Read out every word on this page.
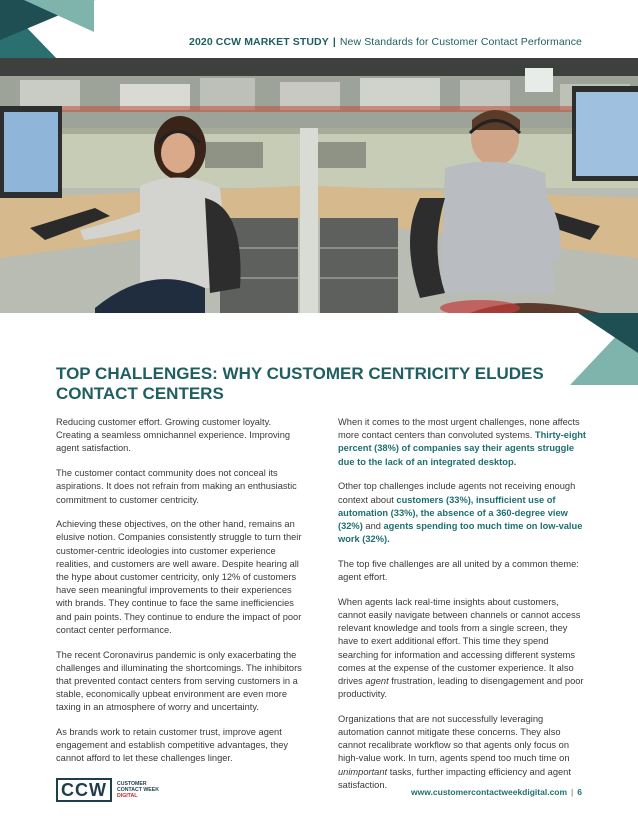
2020 CCW MARKET STUDY | New Standards for Customer Contact Performance
TOP CHALLENGES: WHY CUSTOMER CENTRICITY ELUDES CONTACT CENTERS

Reducing customer effort. Growing customer loyalty. Creating a seamless omnichannel experience. Improving agent satisfaction.

The customer contact community does not conceal its aspirations. It does not refrain from making an enthusiastic commitment to customer centricity.

Achieving these objectives, on the other hand, remains an elusive notion. Companies consistently struggle to turn their customer-centric ideologies into customer experience realities, and customers are well aware. Despite hearing all the hype about customer centricity, only 12% of customers have seen meaningful improvements to their experiences with brands. They continue to face the same inefficiencies and pain points. They continue to endure the impact of poor contact center performance.

The recent Coronavirus pandemic is only exacerbating the challenges and illuminating the shortcomings. The inhibitors that prevented contact centers from serving customers in a stable, economically upbeat environment are even more taxing in an atmosphere of worry and uncertainty.

As brands work to retain customer trust, improve agent engagement and establish competitive advantages, they cannot afford to let these challenges linger.

When it comes to the most urgent challenges, none affects more contact centers than convoluted systems. Thirty-eight percent (38%) of companies say their agents struggle due to the lack of an integrated desktop.

Other top challenges include agents not receiving enough context about customers (33%), insufficient use of automation (33%), the absence of a 360-degree view (32%) and agents spending too much time on low-value work (32%).

The top five challenges are all united by a common theme: agent effort.

When agents lack real-time insights about customers, cannot easily navigate between channels or cannot access relevant knowledge and tools from a single screen, they have to exert additional effort. This time they spend searching for information and accessing different systems comes at the expense of the customer experience. It also drives agent frustration, leading to disengagement and poor productivity.

Organizations that are not successfully leveraging automation cannot mitigate these concerns. They also cannot recalibrate workflow so that agents only focus on high-value work. In turn, agents spend too much time on unimportant tasks, further impacting efficiency and agent satisfaction.

CCW	CUSTOMER
CONTACT WEEK
DIGITAL	www.customercontactweekdigital.com | 6
